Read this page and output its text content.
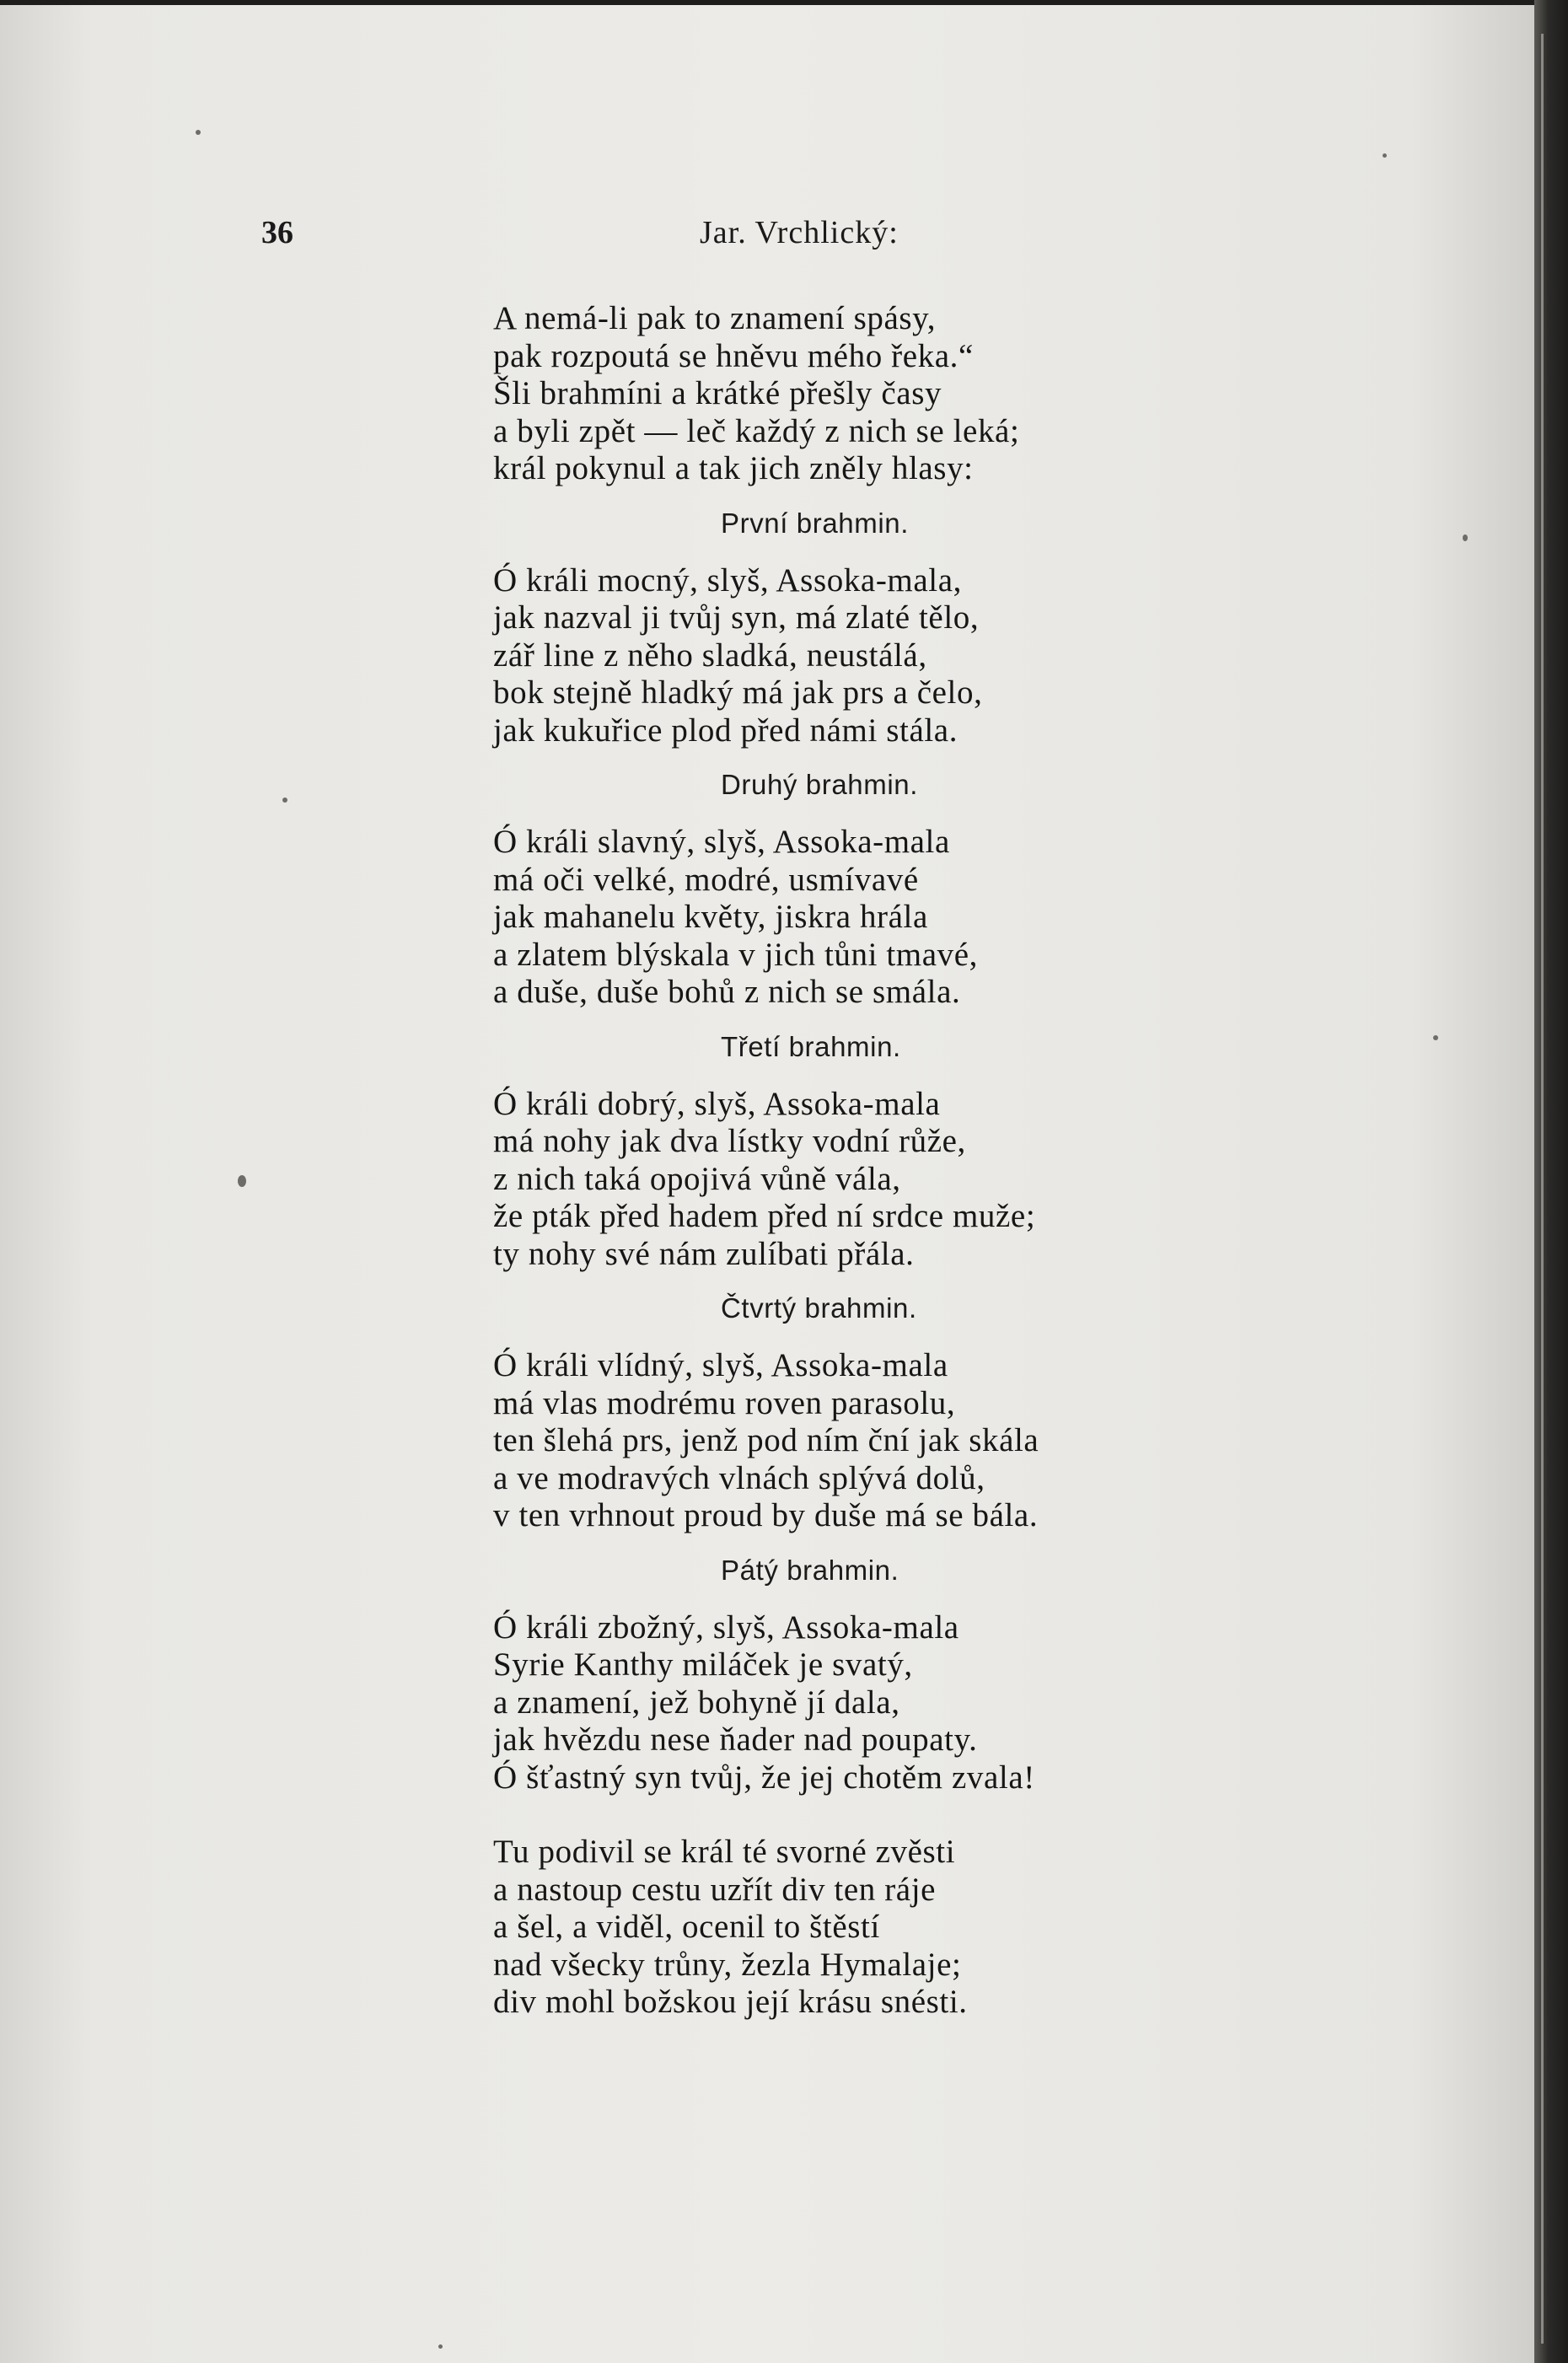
36	Jar. Vrchlický:
A nemá-li pak to znamení spásy,
pak rozpoutá se hněvu mého řeka.“
Šli brahmíni a krátké přešly časy
a byli zpět — leč každý z nich se leká;
král pokynul a tak jich zněly hlasy:
První brahmin.
Ó králi mocný, slyš, Assoka-mala,
jak nazval ji tvůj syn, má zlaté tělo,
zář line z něho sladká, neustálá,
bok stejně hladký má jak prs a čelo,
jak kukuřice plod před námi stála.
Druhý brahmin.
Ó králi slavný, slyš, Assoka-mala
má oči velké, modré, usmívavé
jak mahanelu květy, jiskra hrála
a zlatem blýskala v jich tůni tmavé,
a duše, duše bohů z nich se smála.
Třetí brahmin.
Ó králi dobrý, slyš, Assoka-mala
má nohy jak dva lístky vodní růže,
z nich taká opojivá vůně vála,
že pták před hadem před ní srdce muže;
ty nohy své nám zulíbati přála.
Čtvrtý brahmin.
Ó králi vlídný, slyš, Assoka-mala
má vlas modrému roven parasolu,
ten šlehá prs, jenž pod ním ční jak skála
a ve modravých vlnách splývá dolů,
v ten vrhnout proud by duše má se bála.
Pátý brahmin.
Ó králi zbožný, slyš, Assoka-mala
Syrie Kanthy miláček je svatý,
a znamení, jež bohyně jí dala,
jak hvězdu nese ňader nad poupaty.
Ó šťastný syn tvůj, že jej chotěm zvala!
Tu podivil se král té svorné zvěsti
a nastoup cestu uzřít div ten ráje
a šel, a viděl, ocenil to štěstí
nad všecky trůny, žezla Hymalaje;
div mohl božskou její krásu snésti.
